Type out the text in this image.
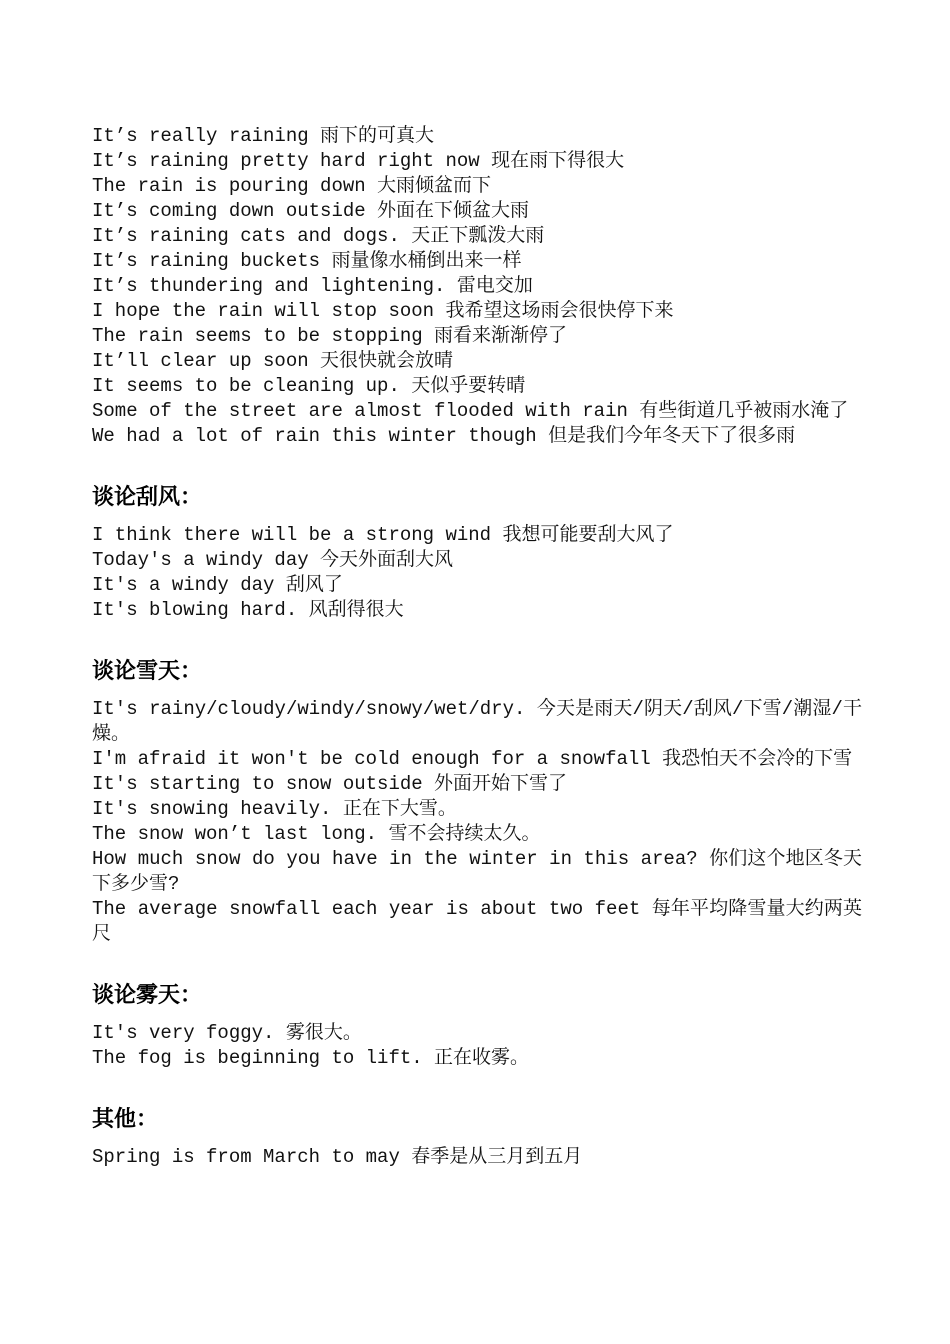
It’s really raining 雨下的可真大

It’s raining pretty hard right now 现在雨下得很大

The rain is pouring down 大雨倾盆而下

It’s coming down outside 外面在下倾盆大雨

It’s raining cats and dogs. 天正下瓢泼大雨

It’s raining buckets 雨量像水桶倒出来一样

It’s thundering and lightening. 雷电交加

I hope the rain will stop soon 我希望这场雨会很快停下来

The rain seems to be stopping 雨看来渐渐停了

It’ll clear up soon 天很快就会放晴

It seems to be cleaning up. 天似乎要转晴

Some of the street are almost flooded with rain 有些街道几乎被雨水淹了

We had a lot of rain this winter though 但是我们今年冬天下了很多雨

谈论刮风：

I think there will be a strong wind 我想可能要刮大风了

Today's a windy day 今天外面刮大风

It's a windy day 刮风了

It's blowing hard. 风刮得很大

谈论雪天：

It's rainy/cloudy/windy/snowy/wet/dry. 今天是雨天/阴天/刮风/下雪/潮湿/干燥。

I'm afraid it won't be cold enough for a snowfall 我恐怕天不会冷的下雪

It's starting to snow outside 外面开始下雪了

It's snowing heavily. 正在下大雪。

The snow won’t last long. 雪不会持续太久。

How much snow do you have in the winter in this area? 你们这个地区冬天下多少雪?

The average snowfall each year is about two feet 每年平均降雪量大约两英尺

谈论雾天：

It's very foggy. 雾很大。

The fog is beginning to lift. 正在收雾。

其他：

Spring is from March to may 春季是从三月到五月
